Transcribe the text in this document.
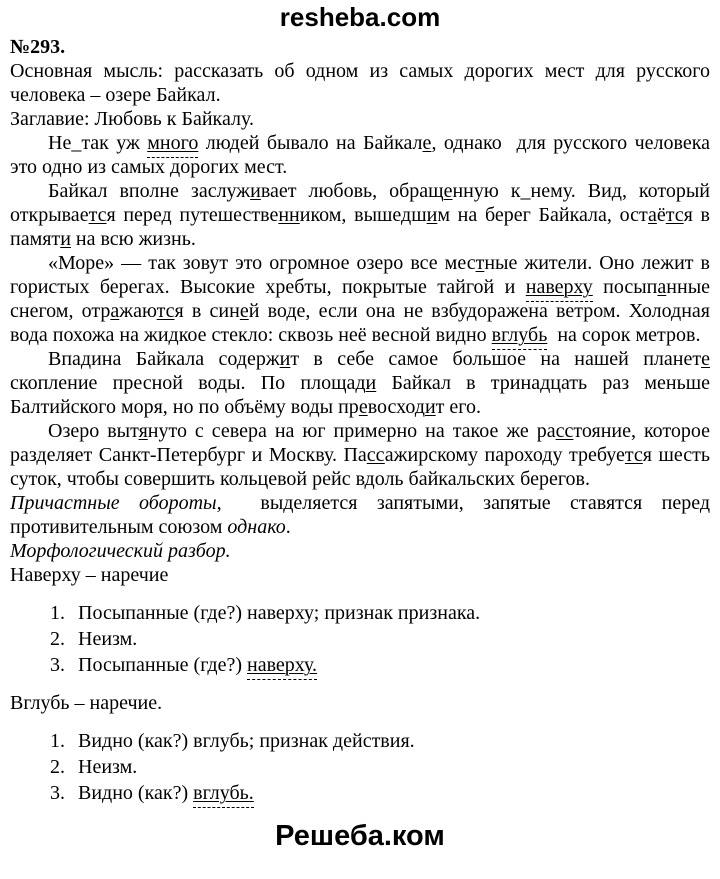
resheba.com
№293.

Основная мысль: рассказать об одном из самых дорогих мест для русского человека – озере Байкал.

Заглавие: Любовь к Байкалу.

Не_так уж много людей бывало на Байкале, однако  для русского человека это одно из самых дорогих мест.

Байкал вполне заслуживает любовь, обращенную к_нему. Вид, который открывается перед путешественником, вышедшим на берег Байкала, остаётся в памяти на всю жизнь.

«Море» — так зовут это огромное озеро все местные жители. Оно лежит в гористых берегах. Высокие хребты, покрытые тайгой и наверху посыпанные снегом, отражаются в синей воде, если она не взбудоражена ветром. Холодная вода похожа на жидкое стекло: сквозь неё весной видно вглубь  на сорок метров.

Впадина Байкала содержит в себе самое большое на нашей планете скопление пресной воды. По площади Байкал в тринадцать раз меньше Балтийского моря, но по объёму воды превосходит его.

Озеро вытянуто с севера на юг примерно на такое же расстояние, которое разделяет Санкт-Петербург и Москву. Пассажирскому пароходу требуется шесть суток, чтобы совершить кольцевой рейс вдоль байкальских берегов.

Причастные обороты,  выделяется запятыми, запятые ставятся перед противительным союзом однако.

Морфологический разбор.

Наверху – наречие

1. Посыпанные (где?) наверху; признак признака.
2. Неизм.
3. Посыпанные (где?) наверху.

Вглубь – наречие.

1. Видно (как?) вглубь; признак действия.
2. Неизм.
3. Видно (как?) вглубь.
Решеба.ком
